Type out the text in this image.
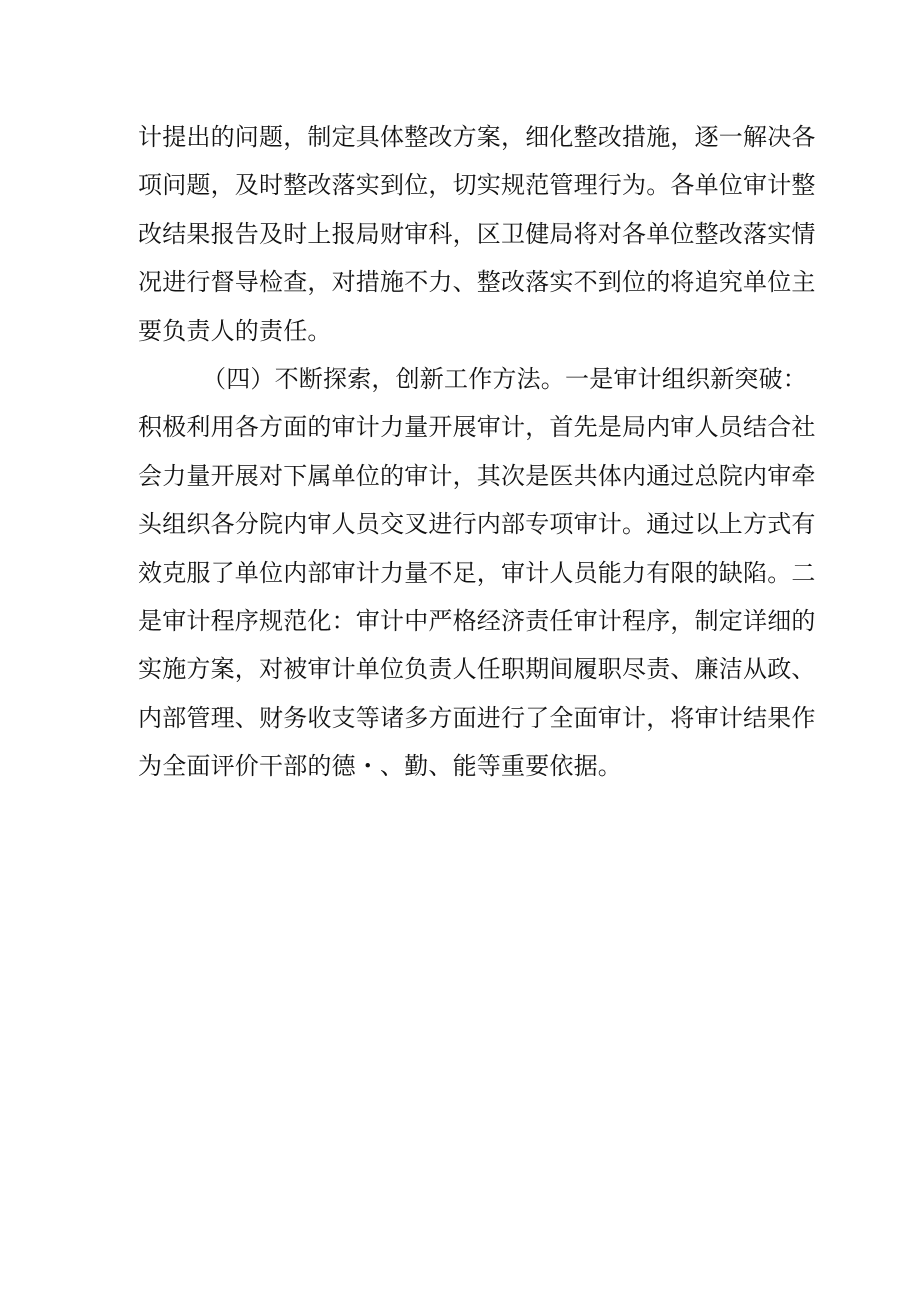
计提出的问题，制定具体整改方案，细化整改措施，逐一解决各
项问题，及时整改落实到位，切实规范管理行为。各单位审计整
改结果报告及时上报局财审科，区卫健局将对各单位整改落实情
况进行督导检查，对措施不力、整改落实不到位的将追究单位主
要负责人的责任。
（四）不断探索，创新工作方法。一是审计组织新突破：
积极利用各方面的审计力量开展审计，首先是局内审人员结合社
会力量开展对下属单位的审计，其次是医共体内通过总院内审牵
头组织各分院内审人员交叉进行内部专项审计。通过以上方式有
效克服了单位内部审计力量不足，审计人员能力有限的缺陷。二
是审计程序规范化：审计中严格经济责任审计程序，制定详细的
实施方案，对被审计单位负责人任职期间履职尽责、廉洁从政、
内部管理、财务收支等诸多方面进行了全面审计，将审计结果作
为全面评价干部的德・、勤、能等重要依据。
